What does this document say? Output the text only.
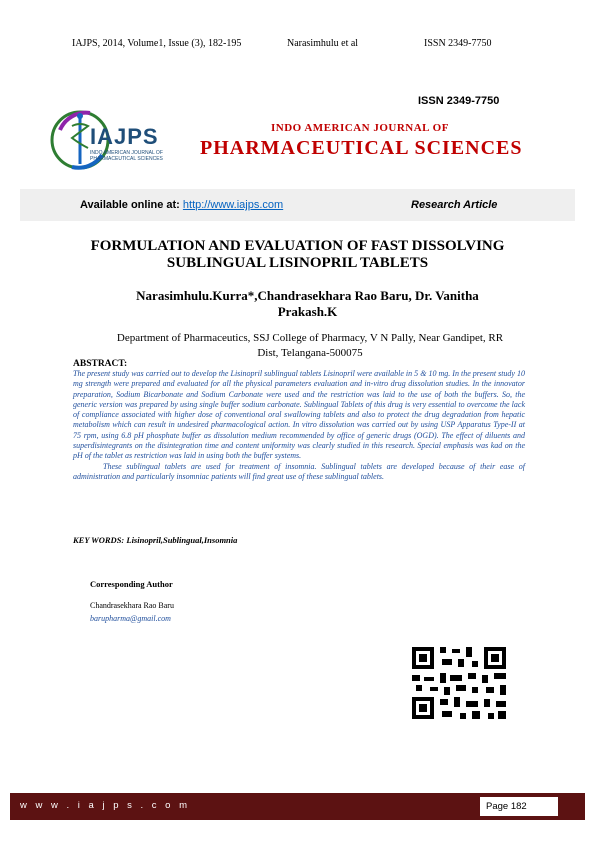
IAJPS, 2014, Volume1, Issue (3), 182-195	Narasimhulu et al	ISSN 2349-7750
IAJPS
INDO AMERICAN JOURNAL OF PHARMACEUTICAL SCIENCES
ISSN 2349-7750
INDO AMERICAN JOURNAL OF
PHARMACEUTICAL SCIENCES
Available online at: http://www.iajps.com	Research Article
FORMULATION AND EVALUATION OF FAST DISSOLVING
SUBLINGUAL LISINOPRIL TABLETS
Narasimhulu.Kurra*,Chandrasekhara Rao Baru, Dr. Vanitha
Prakash.K
Department of Pharmaceutics, SSJ College of Pharmacy, V N Pally, Near Gandipet, RR
Dist, Telangana-500075
ABSTRACT:

The present study was carried out to develop the Lisinopril sublingual tablets Lisinopril were available in 5 & 10 mg. In the present study 10 mg strength were prepared and evaluated for all the physical parameters evaluation and in-vitro drug dissolution studies. In the innovator preparation, Sodium Bicarbonate and Sodium Carbonate were used and the restriction was laid to the use of both the buffers. So, the generic version was prepared by using single buffer sodium carbonate. Sublingual Tablets of this drug is very essential to overcome the lack of compliance associated with higher dose of conventional oral swallowing tablets and also to protect the drug degradation from hepatic metabolism which can result in undesired pharmacological action. In vitro dissolution was carried out by using USP Apparatus Type-II at 75 rpm, using 6.8 pH phosphate buffer as dissolution medium recommended by office of generic drugs (OGD). The effect of diluents and superdisintegrants on the disintegration time and content uniformity was clearly studied in this research. Special emphasis was kad on the pH of the tablet as restriction was laid in using both the buffer systems.

These sublingual tablets are used for treatment of insomnia. Sublingual tablets are developed because of their ease of administration and particularly insomniac patients will find great use of these sublingual tablets.

KEY WORDS: Lisinopril,Sublingual,Insomnia
Corresponding Author
Chandrasekhara Rao Baru
barupharma@gmail.com
w w w . i a j p s . c o m	Page 182
